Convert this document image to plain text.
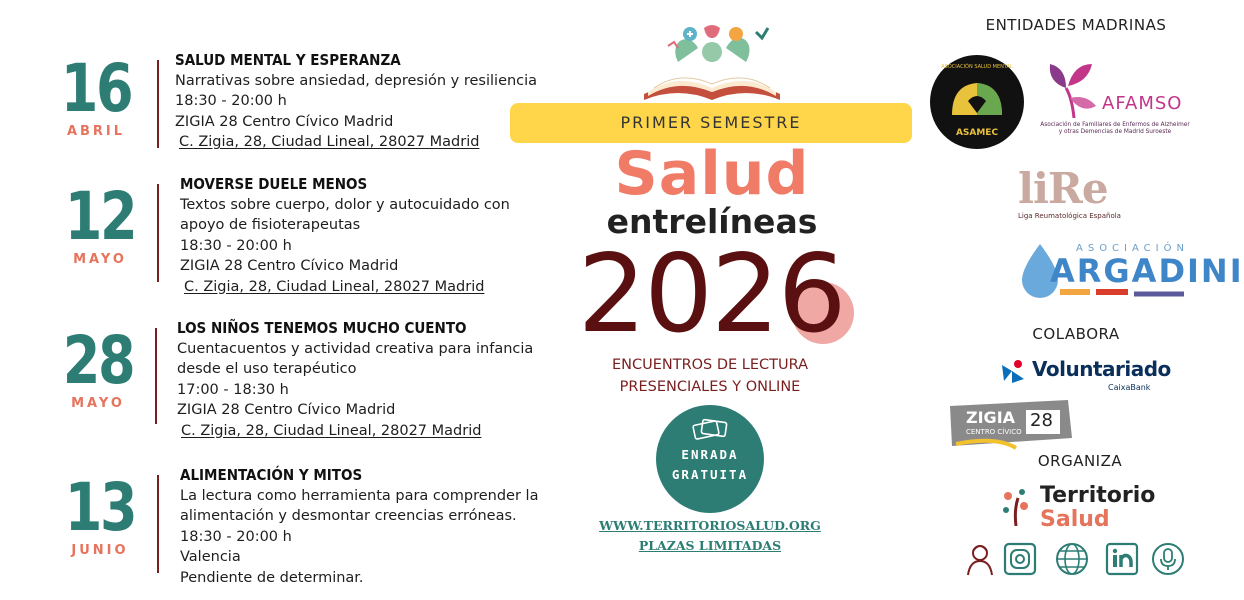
16
ABRIL
SALUD MENTAL Y ESPERANZA
Narrativas sobre ansiedad, depresión y resiliencia
18:30 - 20:00 h
ZIGIA 28 Centro Cívico Madrid
C. Zigia, 28, Ciudad Lineal, 28027 Madrid
12
MAYO
MOVERSE DUELE MENOS
Textos sobre cuerpo, dolor y autocuidado con
apoyo de fisioterapeutas
18:30 - 20:00 h
ZIGIA 28 Centro Cívico Madrid
C. Zigia, 28, Ciudad Lineal, 28027 Madrid
28
MAYO
LOS NIÑOS TENEMOS MUCHO CUENTO
Cuentacuentos y actividad creativa para infancia
desde el uso terapéutico
17:00 - 18:30 h
ZIGIA 28 Centro Cívico Madrid
C. Zigia, 28, Ciudad Lineal, 28027 Madrid
13
JUNIO
ALIMENTACIÓN Y MITOS
La lectura como herramienta para comprender la
alimentación y desmontar creencias erróneas.
18:30 - 20:00 h
Valencia
Pendiente de determinar.
PRIMER SEMESTRE
Salud
entrelíneas
2026
ENCUENTROS DE LECTURA
PRESENCIALES Y ONLINE
ENRADA
GRATUITA
WWW.TERRITORIOSALUD.ORG
PLAZAS LIMITADAS
ENTIDADES MADRINAS
ASOCIACIÓN SALUD MENTAL
ASAMEC
AFAMSO
Asociación de Familiares de Enfermos de Alzheimer y otras Demencias de Madrid Suroeste
liRe
Liga Reumatológica Española
ASOCIACIÓN
ARGADINI
COLABORA
Voluntariado
CaixaBank
ZIGIA 28
CENTRO CÍVICO
ORGANIZA
Territorio
Salud
